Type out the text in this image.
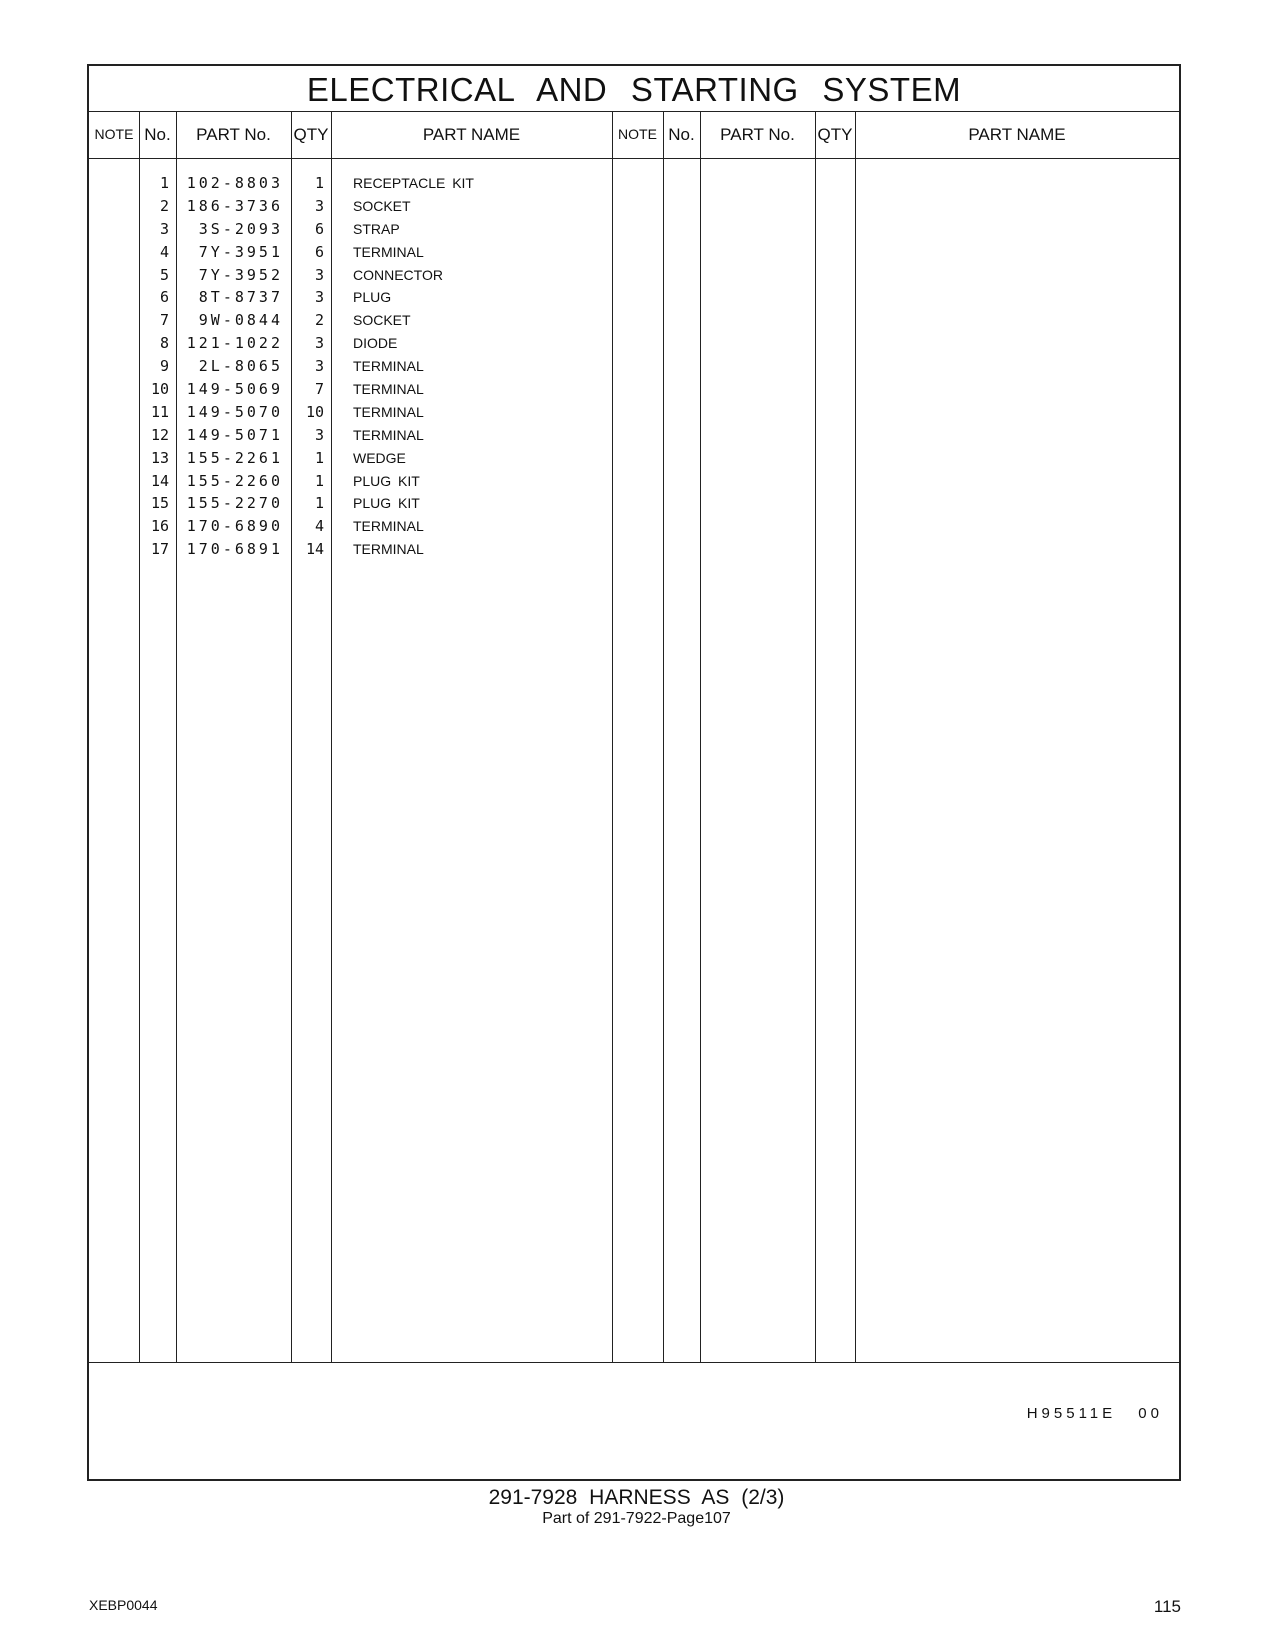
ELECTRICAL AND STARTING SYSTEM
NOTE No.	PART No.	QTY	PART NAME	NOTE No.	PART No.	QTY	PART NAME
1	102-8803	1 RECEPTACLE KIT
2	186-3736	3 SOCKET
3	3S-2093	6 STRAP
4	7Y-3951	6 TERMINAL
5	7Y-3952	3 CONNECTOR
6	8T-8737	3 PLUG
7	9W-0844	2 SOCKET
8	121-1022	3 DIODE
9	2L-8065	3 TERMINAL
10	149-5069	7 TERMINAL
11	149-5070	10 TERMINAL
12	149-5071	3 TERMINAL
13	155-2261	1 WEDGE
14	155-2260	1 PLUG KIT
15	155-2270	1 PLUG KIT
16	170-6890	4 TERMINAL
17	170-6891	14 TERMINAL
H95511E 00
291-7928 HARNESS AS (2/3)
Part of 291-7922-Page107
XEBP0044	115
